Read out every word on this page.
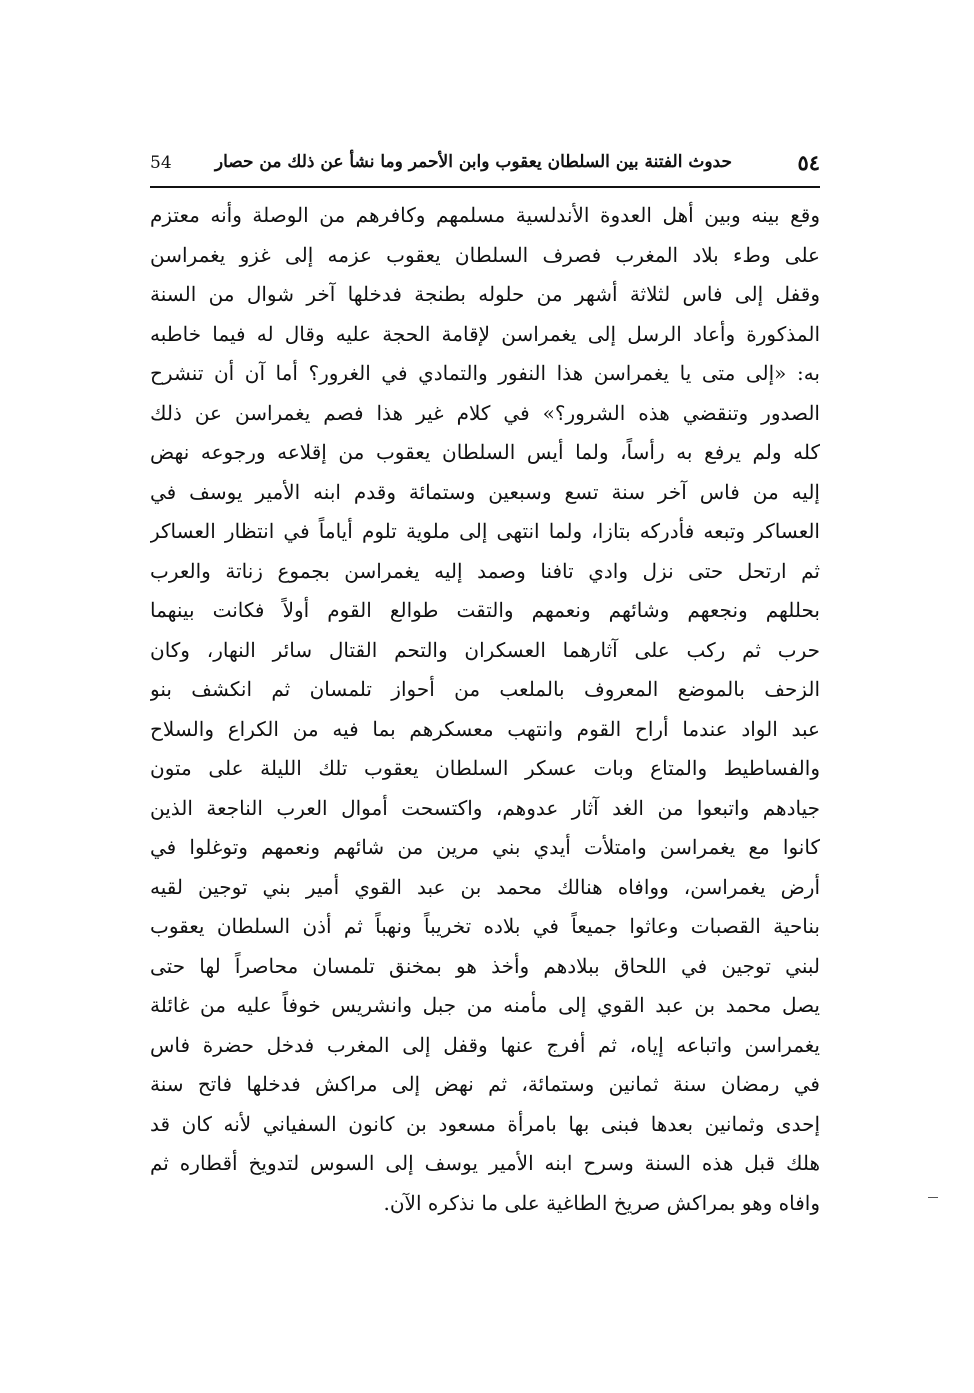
٥٤
حدوث الفتنة بين السلطان يعقوب وابن الأحمر وما نشأ عن ذلك من حصار
54
وقع بينه وبين أهل العدوة الأندلسية مسلمهم وكافرهم من الوصلة وأنه معتزم
على وطء بلاد المغرب فصرف السلطان يعقوب عزمه إلى غزو يغمراسن
وقفل إلى فاس لثلاثة أشهر من حلوله بطنجة فدخلها آخر شوال من السنة
المذكورة وأعاد الرسل إلى يغمراسن لإقامة الحجة عليه وقال له فيما خاطبه
به: «إلى متى يا يغمراسن هذا النفور والتمادي في الغرور؟ أما آن أن تنشرح
الصدور وتنقضي هذه الشرور؟» في كلام غير هذا فصم يغمراسن عن ذلك
كله ولم يرفع به رأساً، ولما أيس السلطان يعقوب من إقلاعه ورجوعه نهض
إليه من فاس آخر سنة تسع وسبعين وستمائة وقدم ابنه الأمير يوسف في
العساكر وتبعه فأدركه بتازا، ولما انتهى إلى ملوية تلوم أياماً في انتظار العساكر
ثم ارتحل حتى نزل وادي تافنا وصمد إليه يغمراسن بجموع زناتة والعرب
بحللهم ونجعهم وشائهم ونعمهم والتقت طوالع القوم أولاً فكانت بينهما
حرب ثم ركب على آثارهما العسكران والتحم القتال سائر النهار، وكان
الزحف بالموضع المعروف بالملعب من أحواز تلمسان ثم انكشف بنو
عبد الواد عندما أراح القوم وانتهب معسكرهم بما فيه من الكراع والسلاح
والفساطيط والمتاع وبات عسكر السلطان يعقوب تلك الليلة على متون
جيادهم واتبعوا من الغد آثار عدوهم، واكتسحت أموال العرب الناجعة الذين
كانوا مع يغمراسن وامتلأت أيدي بني مرين من شائهم ونعمهم وتوغلوا في
أرض يغمراسن، ووافاه هنالك محمد بن عبد القوي أمير بني توجين لقيه
بناحية القصبات وعاثوا جميعاً في بلاده تخريباً ونهباً ثم أذن السلطان يعقوب
لبني توجين في اللحاق ببلادهم وأخذ هو بمخنق تلمسان محاصراً لها حتى
يصل محمد بن عبد القوي إلى مأمنه من جبل وانشريس خوفاً عليه من غائلة
يغمراسن واتباعه إياه، ثم أفرج عنها وقفل إلى المغرب فدخل حضرة فاس
في رمضان سنة ثمانين وستمائة، ثم نهض إلى مراكش فدخلها فاتح سنة
إحدى وثمانين بعدها فبنى بها بامرأة مسعود بن كانون السفياني لأنه كان قد
هلك قبل هذه السنة وسرح ابنه الأمير يوسف إلى السوس لتدويخ أقطاره ثم
وافاه وهو بمراكش صريخ الطاغية على ما نذكره الآن.
